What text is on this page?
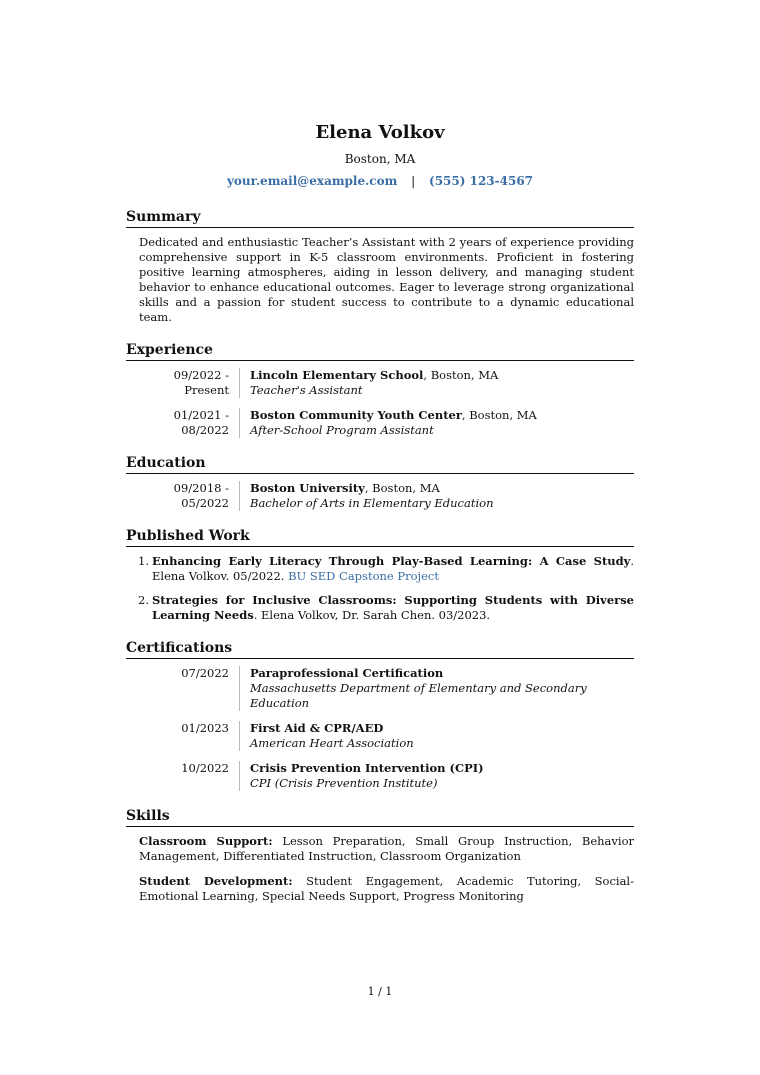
Elena Volkov
Boston, MA
your.email@example.com | (555) 123-4567
Summary
Dedicated and enthusiastic Teacher’s Assistant with 2 years of experience providing comprehensive support in K-5 classroom environments. Proficient in fostering positive learning atmospheres, aiding in lesson delivery, and managing student behavior to enhance educational outcomes. Eager to leverage strong organizational skills and a passion for student success to contribute to a dynamic educational team.
Experience
09/2022 - Present
Lincoln Elementary School, Boston, MA
Teacher's Assistant
01/2021 - 08/2022
Boston Community Youth Center, Boston, MA
After-School Program Assistant
Education
09/2018 - 05/2022
Boston University, Boston, MA
Bachelor of Arts in Elementary Education
Published Work
1. Enhancing Early Literacy Through Play-Based Learning: A Case Study. Elena Volkov. 05/2022. BU SED Capstone Project
2. Strategies for Inclusive Classrooms: Supporting Students with Diverse Learning Needs. Elena Volkov, Dr. Sarah Chen. 03/2023.
Certifications
07/2022	Paraprofessional Certification
Massachusetts Department of Elementary and Secondary Education
01/2023	First Aid & CPR/AED
American Heart Association
10/2022	Crisis Prevention Intervention (CPI)
CPI (Crisis Prevention Institute)
Skills
Classroom Support: Lesson Preparation, Small Group Instruction, Behavior Management, Differentiated Instruction, Classroom Organization
Student Development: Student Engagement, Academic Tutoring, Social-Emotional Learning, Special Needs Support, Progress Monitoring
1 / 1
